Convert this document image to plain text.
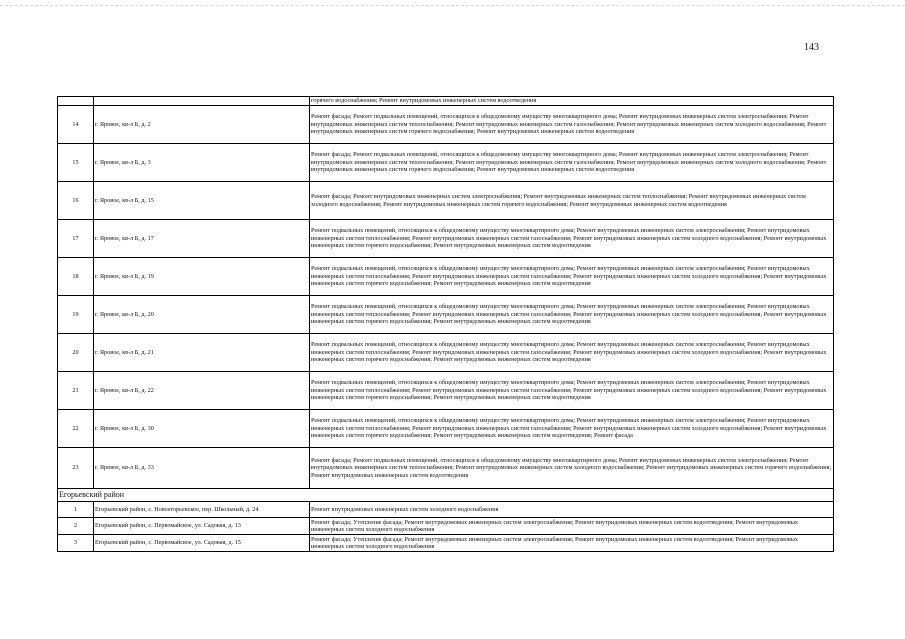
143
		горячего водоснабжения; Ремонт внутридомовых инженерных систем водоотведения
14	г. Яровое, кв-л Б, д. 2	Ремонт фасада; Ремонт подвальных помещений, относящихся к общедомовому имуществу многоквартирного дома; Ремонт внутридомовых инженерных систем электроснабжения; Ремонт внутридомовых инженерных систем теплоснабжения; Ремонт внутридомовых инженерных систем газоснабжения; Ремонт внутридомовых инженерных систем холодного водоснабжения; Ремонт внутридомовых инженерных систем горячего водоснабжения; Ремонт внутридомовых инженерных систем водоотведения
15	г. Яровое, кв-л Б, д. 3	Ремонт фасада; Ремонт подвальных помещений, относящихся к общедомовому имуществу многоквартирного дома; Ремонт внутридомовых инженерных систем электроснабжения; Ремонт внутридомовых инженерных систем теплоснабжения; Ремонт внутридомовых инженерных систем газоснабжения; Ремонт внутридомовых инженерных систем холодного водоснабжения; Ремонт внутридомовых инженерных систем горячего водоснабжения; Ремонт внутридомовых инженерных систем водоотведения
16	г. Яровое, кв-л Б, д. 15	Ремонт фасада; Ремонт внутридомовых инженерных систем электроснабжения; Ремонт внутридомовых инженерных систем теплоснабжения; Ремонт внутридомовых инженерных систем холодного водоснабжения; Ремонт внутридомовых инженерных систем горячего водоснабжения; Ремонт внутридомовых инженерных систем водоотведения
17	г. Яровое, кв-л Б, д. 17	Ремонт подвальных помещений, относящихся к общедомовому имуществу многоквартирного дома; Ремонт внутридомовых инженерных систем электроснабжения; Ремонт внутридомовых инженерных систем теплоснабжения; Ремонт внутридомовых инженерных систем газоснабжения; Ремонт внутридомовых инженерных систем холодного водоснабжения; Ремонт внутридомовых инженерных систем горячего водоснабжения; Ремонт внутридомовых инженерных систем водоотведения
18	г. Яровое, кв-л Б, д. 19	Ремонт подвальных помещений, относящихся к общедомовому имуществу многоквартирного дома; Ремонт внутридомовых инженерных систем электроснабжения; Ремонт внутридомовых инженерных систем теплоснабжения; Ремонт внутридомовых инженерных систем газоснабжения; Ремонт внутридомовых инженерных систем холодного водоснабжения; Ремонт внутридомовых инженерных систем горячего водоснабжения; Ремонт внутридомовых инженерных систем водоотведения
19	г. Яровое, кв-л Б, д. 20	Ремонт подвальных помещений, относящихся к общедомовому имуществу многоквартирного дома; Ремонт внутридомовых инженерных систем электроснабжения; Ремонт внутридомовых инженерных систем теплоснабжения; Ремонт внутридомовых инженерных систем газоснабжения; Ремонт внутридомовых инженерных систем холодного водоснабжения; Ремонт внутридомовых инженерных систем горячего водоснабжения; Ремонт внутридомовых инженерных систем водоотведения
20	г. Яровое, кв-л Б, д. 21	Ремонт подвальных помещений, относящихся к общедомовому имуществу многоквартирного дома; Ремонт внутридомовых инженерных систем электроснабжения; Ремонт внутридомовых инженерных систем теплоснабжения; Ремонт внутридомовых инженерных систем газоснабжения; Ремонт внутридомовых инженерных систем холодного водоснабжения; Ремонт внутридомовых инженерных систем горячего водоснабжения; Ремонт внутридомовых инженерных систем водоотведения
21	г. Яровое, кв-л Б, д. 22	Ремонт подвальных помещений, относящихся к общедомовому имуществу многоквартирного дома; Ремонт внутридомовых инженерных систем электроснабжения; Ремонт внутридомовых инженерных систем теплоснабжения; Ремонт внутридомовых инженерных систем газоснабжения; Ремонт внутридомовых инженерных систем холодного водоснабжения; Ремонт внутридомовых инженерных систем горячего водоснабжения; Ремонт внутридомовых инженерных систем водоотведения
22	г. Яровое, кв-л Б, д. 30	Ремонт подвальных помещений, относящихся к общедомовому имуществу многоквартирного дома; Ремонт внутридомовых инженерных систем электроснабжения; Ремонт внутридомовых инженерных систем теплоснабжения; Ремонт внутридомовых инженерных систем газоснабжения; Ремонт внутридомовых инженерных систем холодного водоснабжения; Ремонт внутридомовых инженерных систем горячего водоснабжения; Ремонт внутридомовых инженерных систем водоотведения; Ремонт фасада
23	г. Яровое, кв-л Б, д. 33	Ремонт фасада; Ремонт подвальных помещений, относящихся к общедомовому имуществу многоквартирного дома; Ремонт внутридомовых инженерных систем электроснабжения; Ремонт внутридомовых инженерных систем теплоснабжения; Ремонт внутридомовых инженерных систем холодного водоснабжения; Ремонт внутридомовых инженерных систем горячего водоснабжения; Ремонт внутридомовых инженерных систем водоотведения
Егорьевский район		
1	Егорьевский район, с. Новоегорьевское, пер. Школьный, д. 24	Ремонт внутридомовых инженерных систем холодного водоснабжения
2	Егорьевский район, с. Первомайское, ул. Садовая, д. 13	Ремонт фасада; Утепление фасада; Ремонт внутридомовых инженерных систем электроснабжения; Ремонт внутридомовых инженерных систем водоотведения; Ремонт внутридомовых инженерных систем холодного водоснабжения
3	Егорьевский район, с. Первомайское, ул. Садовая, д. 15	Ремонт фасада; Утепление фасада; Ремонт внутридомовых инженерных систем электроснабжения; Ремонт внутридомовых инженерных систем водоотведения; Ремонт внутридомовых инженерных систем холодного водоснабжения
